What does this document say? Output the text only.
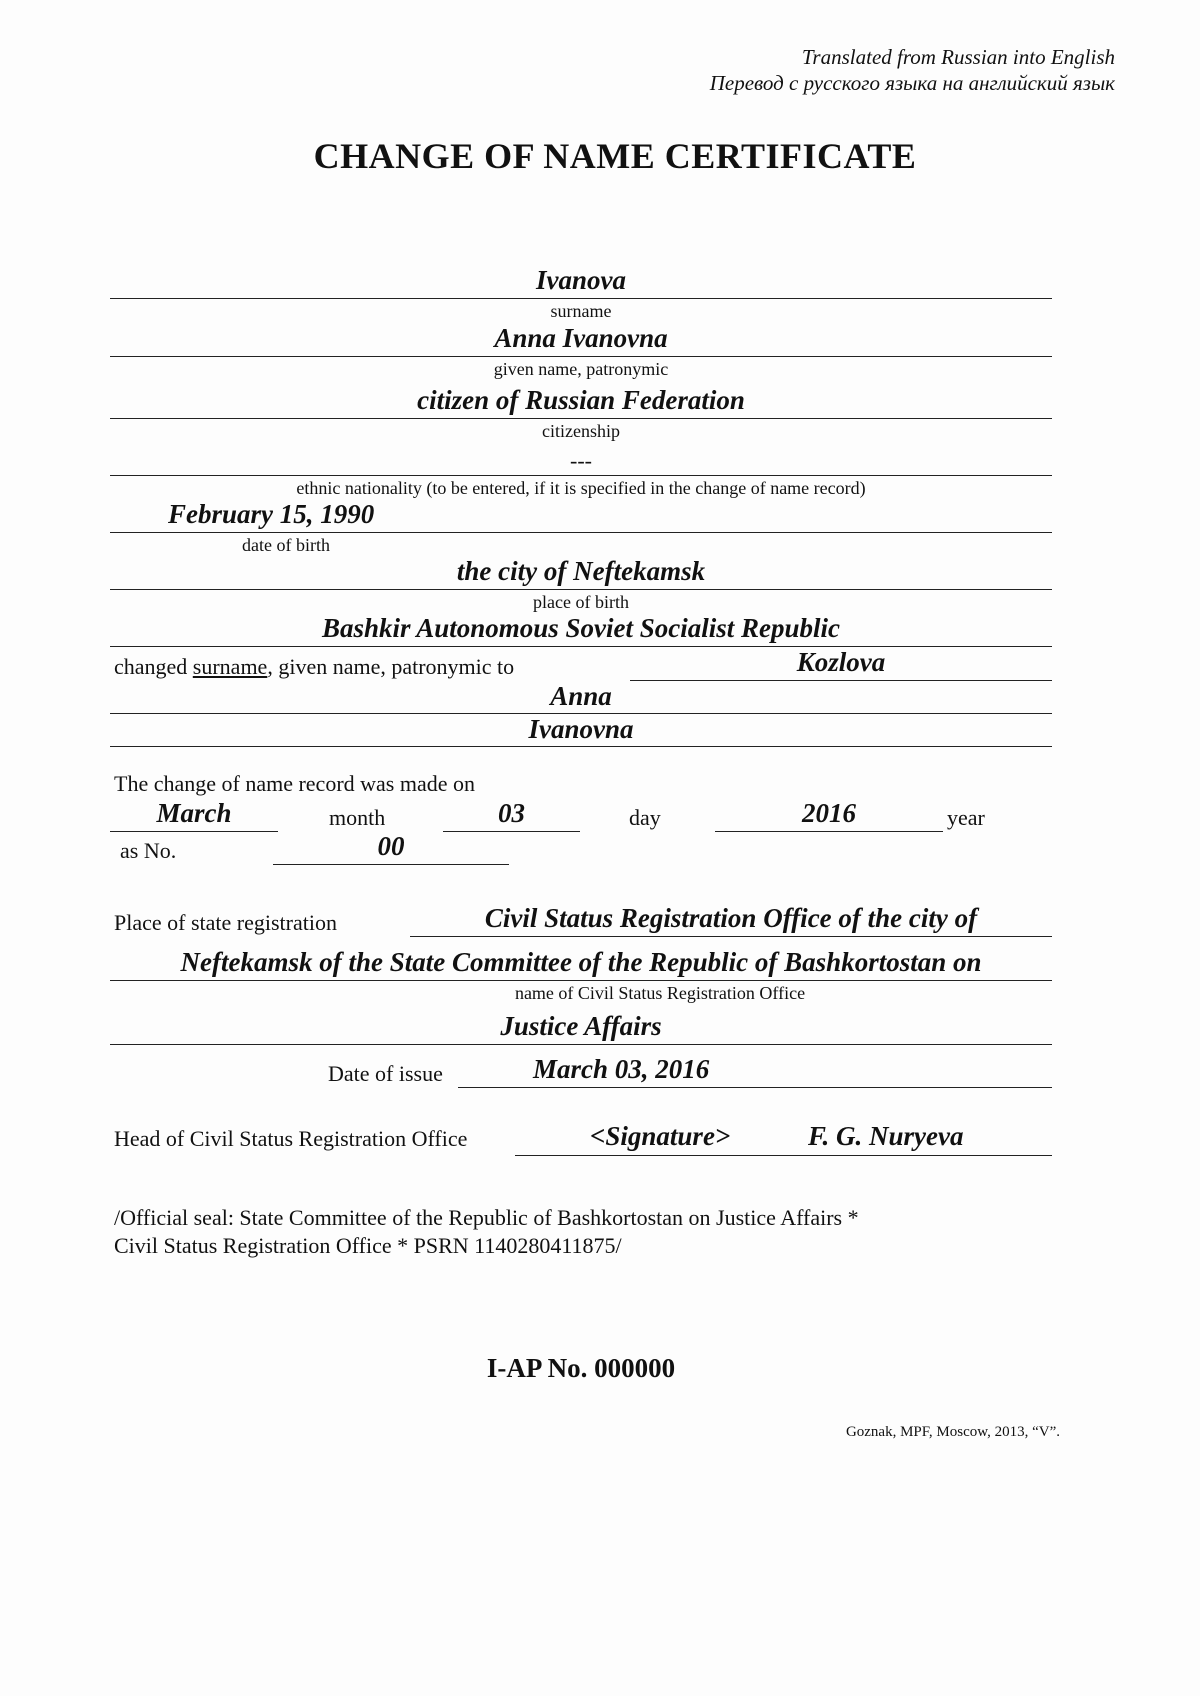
Translated from Russian into English
Перевод с русского языка на английский язык
CHANGE OF NAME CERTIFICATE
Ivanova
surname
Anna Ivanovna
given name, patronymic
citizen of Russian Federation
citizenship
---
ethnic nationality (to be entered, if it is specified in the change of name record)
February 15, 1990
date of birth
the city of Neftekamsk
place of birth
Bashkir Autonomous Soviet Socialist Republic
changed surname, given name, patronymic to	Kozlova
Anna
Ivanovna
The change of name record was made on
March	month	03	day	2016	year
as No.	00
Place of state registration	Civil Status Registration Office of the city of
Neftekamsk of the State Committee of the Republic of Bashkortostan on
name of Civil Status Registration Office
Justice Affairs
Date of issue	March 03, 2016
Head of Civil Status Registration Office	<Signature>	F. G. Nuryeva
/Official seal: State Committee of the Republic of Bashkortostan on Justice Affairs *
Civil Status Registration Office * PSRN 1140280411875/
I-AP No. 000000
Goznak, MPF, Moscow, 2013, “V”.
